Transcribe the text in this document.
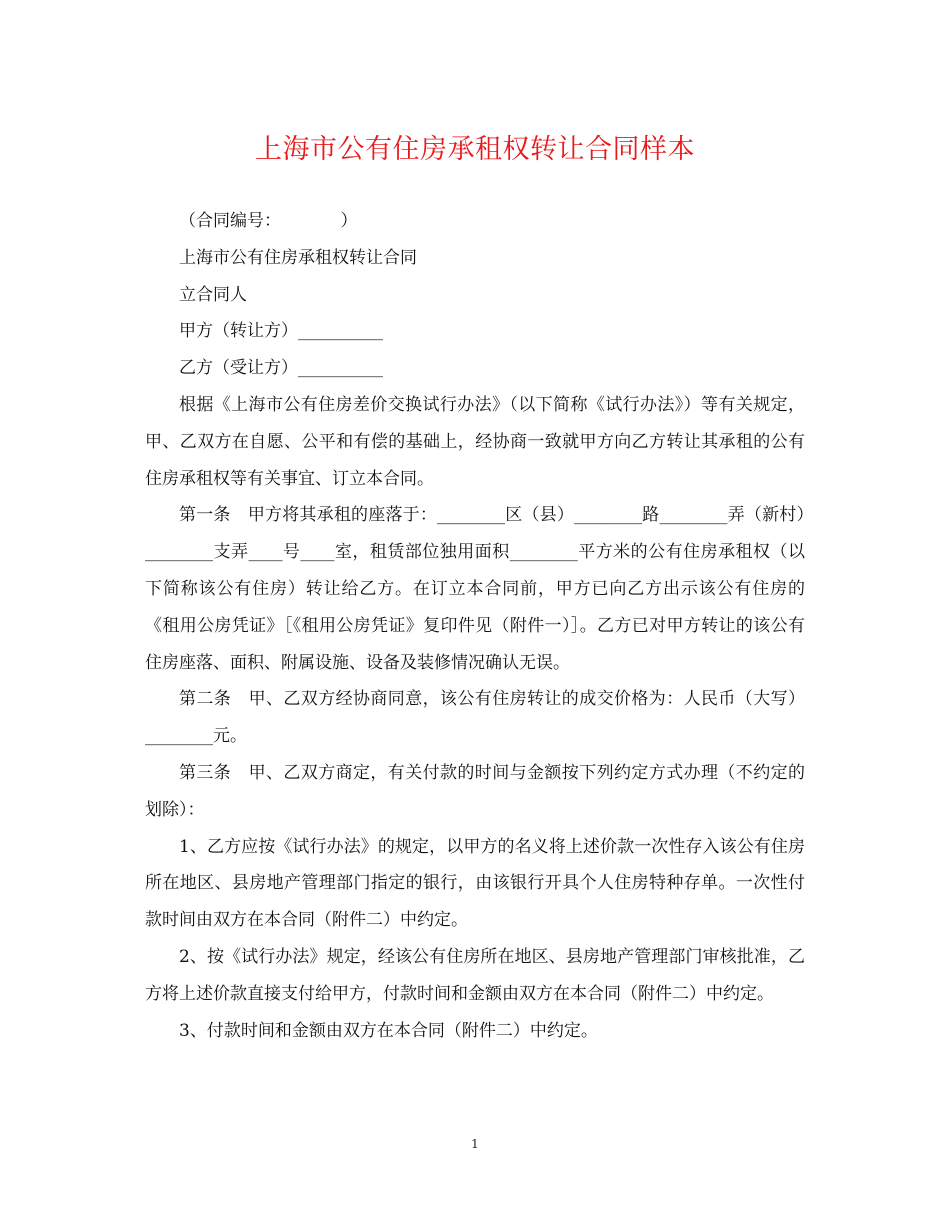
上海市公有住房承租权转让合同样本

（合同编号：　　　　）

上海市公有住房承租权转让合同

立合同人

甲方（转让方）__________

乙方（受让方）__________

根据《上海市公有住房差价交换试行办法》（以下简称《试行办法》）等有关规定，甲、乙双方在自愿、公平和有偿的基础上，经协商一致就甲方向乙方转让其承租的公有住房承租权等有关事宜、订立本合同。

第一条　甲方将其承租的座落于：________区（县）________路________弄（新村）________支弄____号____室，租赁部位独用面积________平方米的公有住房承租权（以下简称该公有住房）转让给乙方。在订立本合同前，甲方已向乙方出示该公有住房的《租用公房凭证》［《租用公房凭证》复印件见（附件一）］。乙方已对甲方转让的该公有住房座落、面积、附属设施、设备及装修情况确认无误。

第二条　甲、乙双方经协商同意，该公有住房转让的成交价格为：人民币（大写）________元。

第三条　甲、乙双方商定，有关付款的时间与金额按下列约定方式办理（不约定的划除）：

1、乙方应按《试行办法》的规定，以甲方的名义将上述价款一次性存入该公有住房所在地区、县房地产管理部门指定的银行，由该银行开具个人住房特种存单。一次性付款时间由双方在本合同（附件二）中约定。

2、按《试行办法》规定，经该公有住房所在地区、县房地产管理部门审核批准，乙方将上述价款直接支付给甲方，付款时间和金额由双方在本合同（附件二）中约定。

3、付款时间和金额由双方在本合同（附件二）中约定。

1
